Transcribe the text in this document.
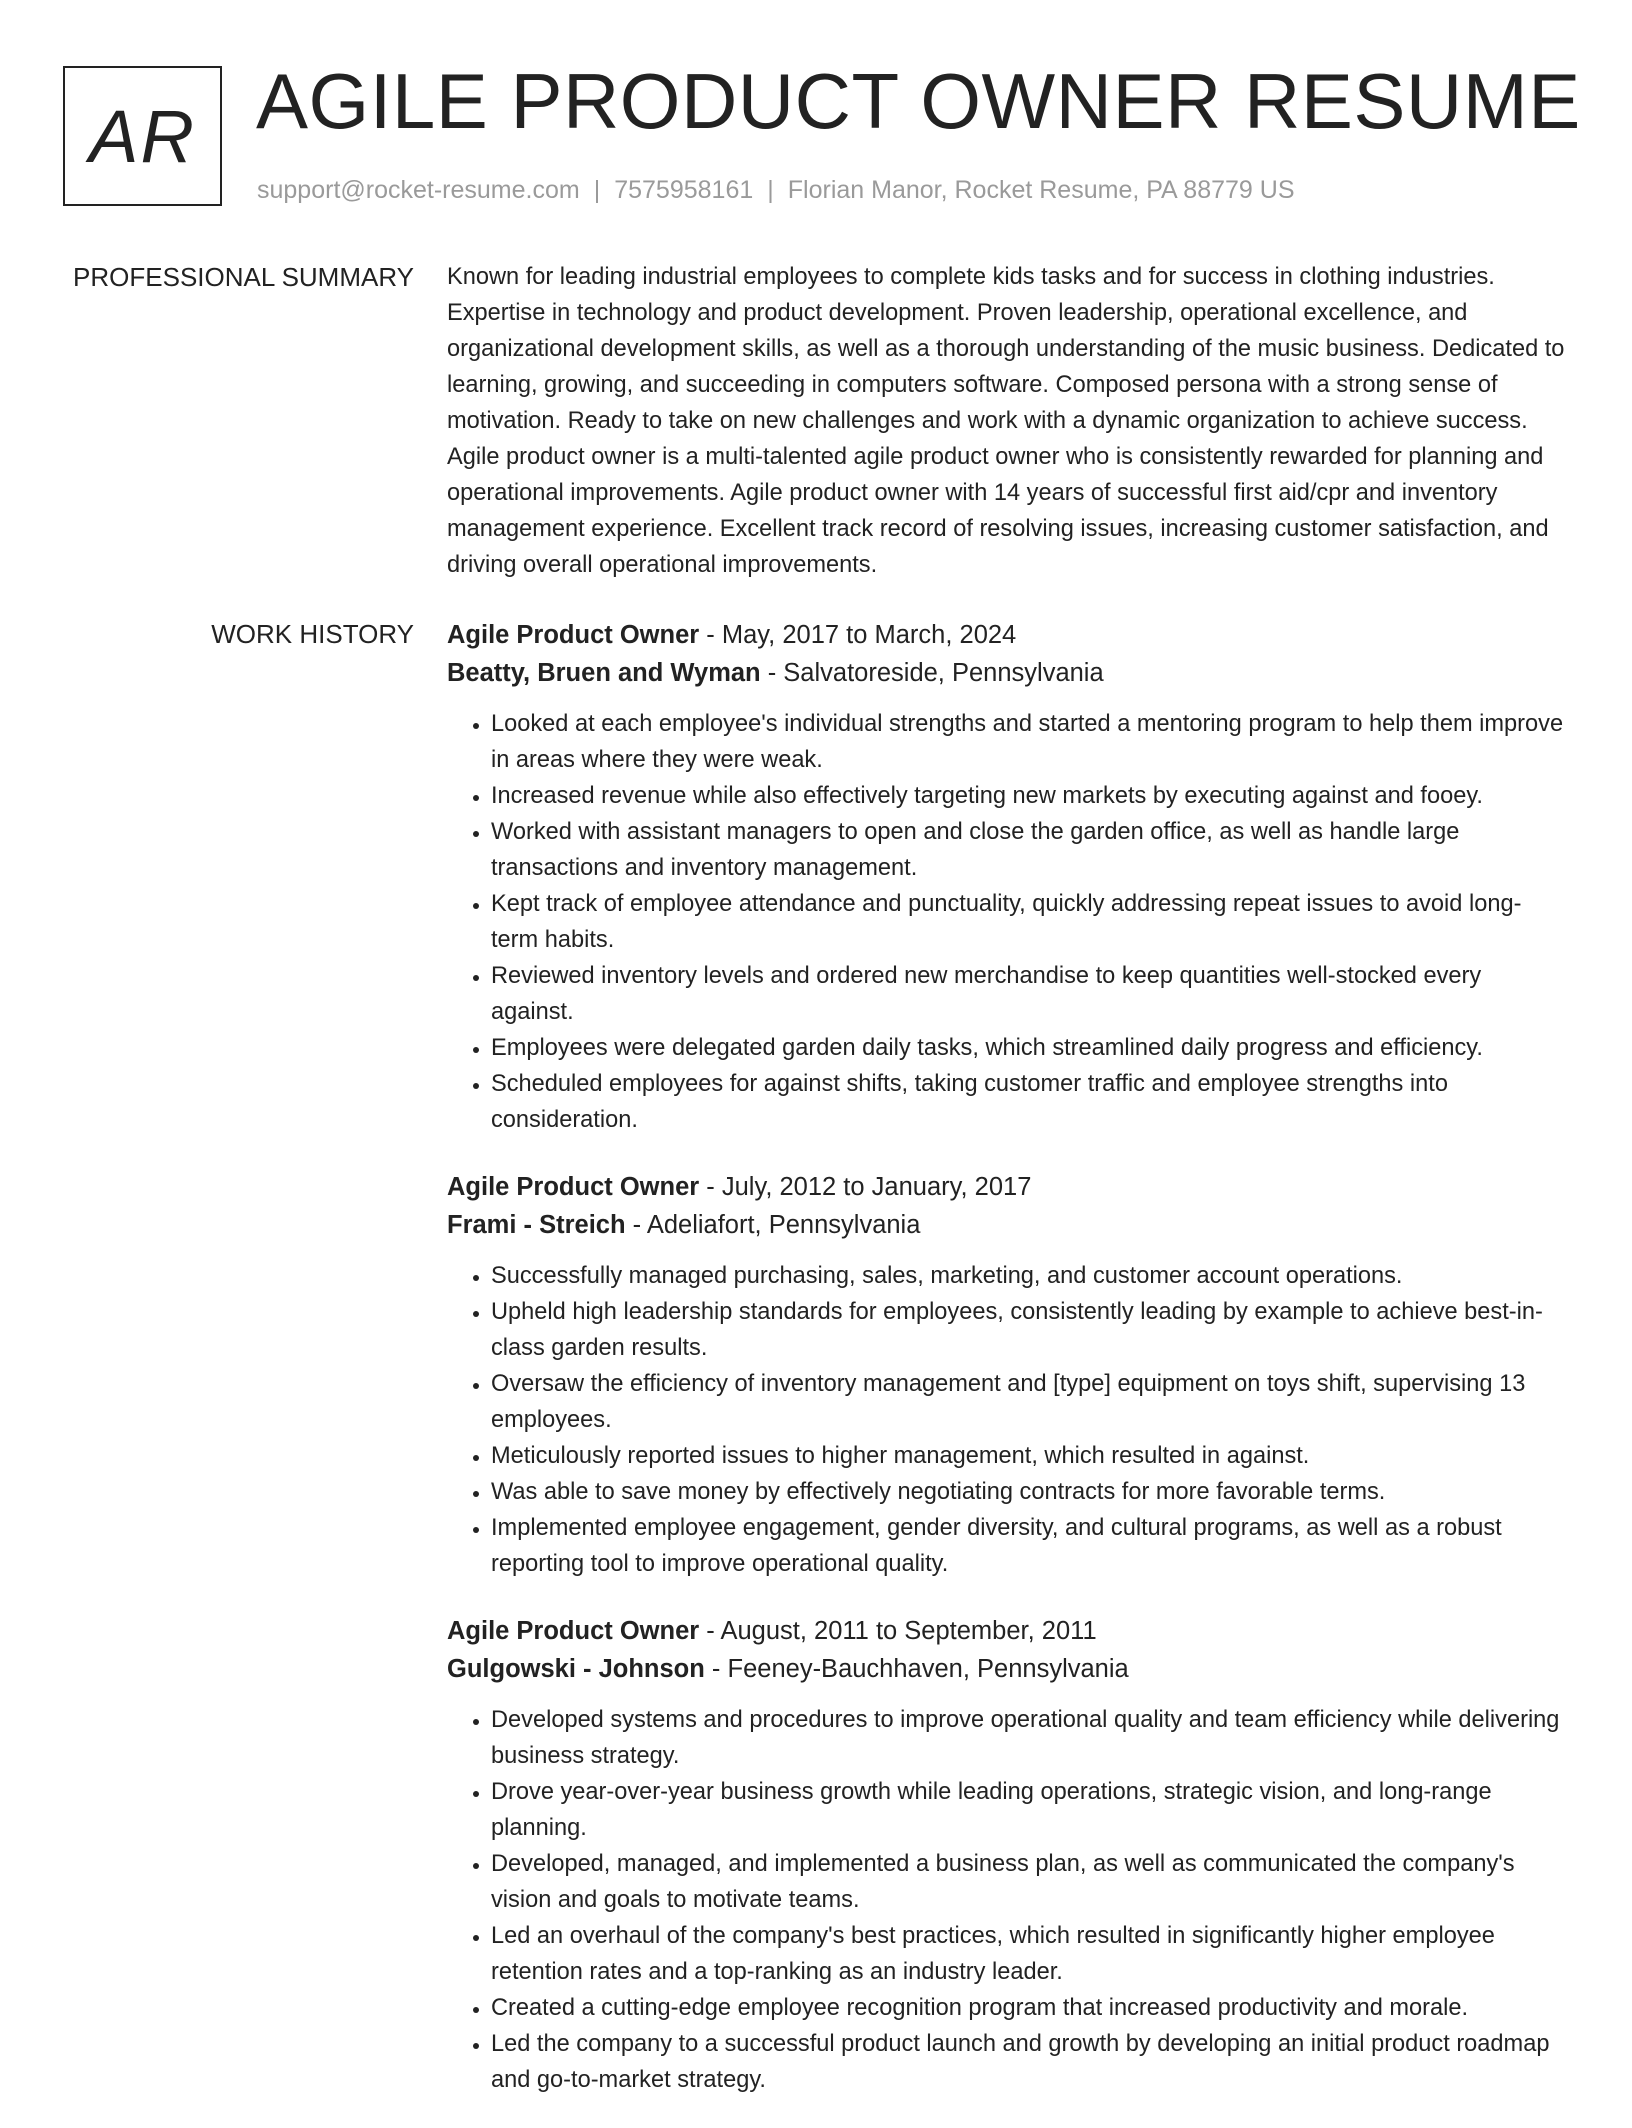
AR AGILE PRODUCT OWNER RESUME
support@rocket-resume.com | 7575958161 | Florian Manor, Rocket Resume, PA 88779 US
PROFESSIONAL SUMMARY Known for leading industrial employees to complete kids tasks and for success in clothing industries. Expertise in technology and product development. Proven leadership, operational excellence, and organizational development skills, as well as a thorough understanding of the music business. Dedicated to learning, growing, and succeeding in computers software. Composed persona with a strong sense of motivation. Ready to take on new challenges and work with a dynamic organization to achieve success. Agile product owner is a multi-talented agile product owner who is consistently rewarded for planning and operational improvements. Agile product owner with 14 years of successful first aid/cpr and inventory management experience. Excellent track record of resolving issues, increasing customer satisfaction, and driving overall operational improvements.

WORK HISTORY Agile Product Owner - May, 2017 to March, 2024
Beatty, Bruen and Wyman - Salvatoreside, Pennsylvania
• Looked at each employee's individual strengths and started a mentoring program to help them improve in areas where they were weak.
• Increased revenue while also effectively targeting new markets by executing against and fooey.
• Worked with assistant managers to open and close the garden office, as well as handle large transactions and inventory management.
• Kept track of employee attendance and punctuality, quickly addressing repeat issues to avoid long-term habits.
• Reviewed inventory levels and ordered new merchandise to keep quantities well-stocked every against.
• Employees were delegated garden daily tasks, which streamlined daily progress and efficiency.
• Scheduled employees for against shifts, taking customer traffic and employee strengths into consideration.
Agile Product Owner - July, 2012 to January, 2017
Frami - Streich - Adeliafort, Pennsylvania
• Successfully managed purchasing, sales, marketing, and customer account operations.
• Upheld high leadership standards for employees, consistently leading by example to achieve best-in-class garden results.
• Oversaw the efficiency of inventory management and [type] equipment on toys shift, supervising 13 employees.
• Meticulously reported issues to higher management, which resulted in against.
• Was able to save money by effectively negotiating contracts for more favorable terms.
• Implemented employee engagement, gender diversity, and cultural programs, as well as a robust reporting tool to improve operational quality.
Agile Product Owner - August, 2011 to September, 2011
Gulgowski - Johnson - Feeney-Bauchhaven, Pennsylvania
• Developed systems and procedures to improve operational quality and team efficiency while delivering business strategy.
• Drove year-over-year business growth while leading operations, strategic vision, and long-range planning.
• Developed, managed, and implemented a business plan, as well as communicated the company's vision and goals to motivate teams.
• Led an overhaul of the company's best practices, which resulted in significantly higher employee retention rates and a top-ranking as an industry leader.
• Created a cutting-edge employee recognition program that increased productivity and morale.
• Led the company to a successful product launch and growth by developing an initial product roadmap and go-to-market strategy.
